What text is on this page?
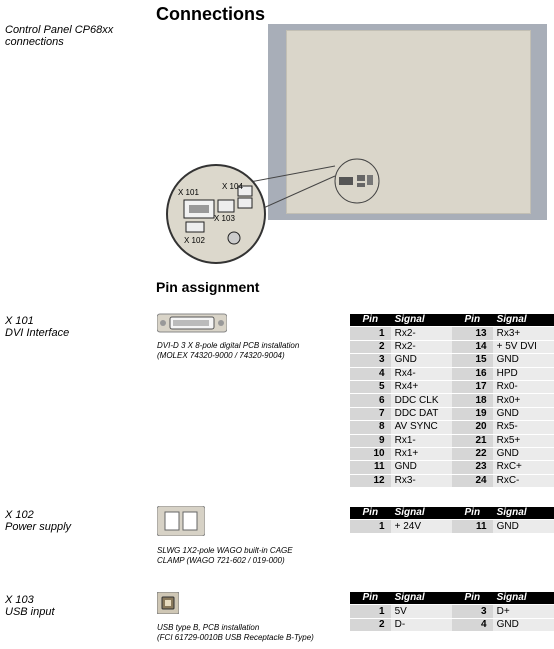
Control Panel CP68xx
connections
X 101
DVI Interface
X 102
Power supply
X 103
USB input
Connections
Pin assignment
X 101
X 104
X 103
X 102
DVI-D 3 X 8-pole digital PCB installation
(MOLEX 74320-9000 / 74320-9004)
Pin	Signal	Pin	Signal
1	Rx2-	13	Rx3+
2	Rx2-	14	+ 5V DVI
3	GND	15	GND
4	Rx4-	16	HPD
5	Rx4+	17	Rx0-
6	DDC CLK	18	Rx0+
7	DDC DAT	19	GND
8	AV SYNC	20	Rx5-
9	Rx1-	21	Rx5+
10	Rx1+	22	GND
11	GND	23	RxC+
12	Rx3-	24	RxC-
SLWG 1X2-pole WAGO built-in CAGE
CLAMP (WAGO 721-602 / 019-000)
Pin	Signal	Pin	Signal
1	+ 24V	11	GND
USB type B, PCB installation
(FCI 61729-0010B USB Receptacle B-Type)
Pin	Signal	Pin	Signal
1	5V	3	D+
2	D-	4	GND
